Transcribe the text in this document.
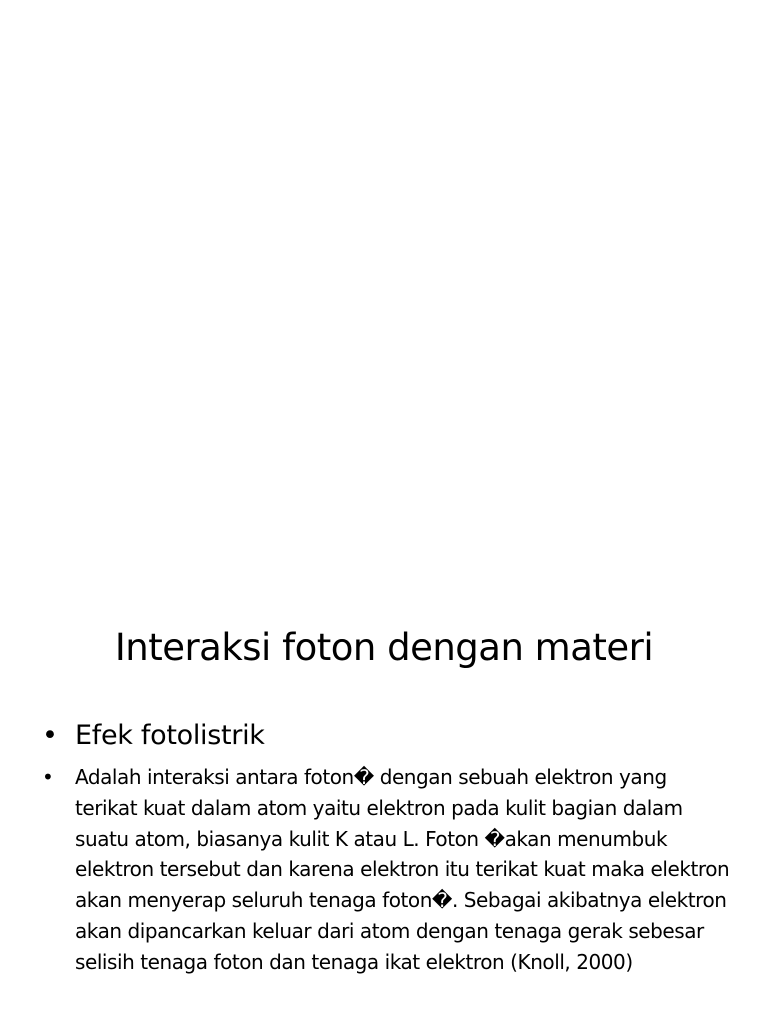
Interaksi foton dengan materi
• Efek fotolistrik
• Adalah interaksi antara foton� dengan sebuah elektron yang terikat kuat dalam atom yaitu elektron pada kulit bagian dalam suatu atom, biasanya kulit K atau L. Foton �akan menumbuk elektron tersebut dan karena elektron itu terikat kuat maka elektron akan menyerap seluruh tenaga foton�. Sebagai akibatnya elektron akan dipancarkan keluar dari atom dengan tenaga gerak sebesar selisih tenaga foton dan tenaga ikat elektron (Knoll, 2000)
